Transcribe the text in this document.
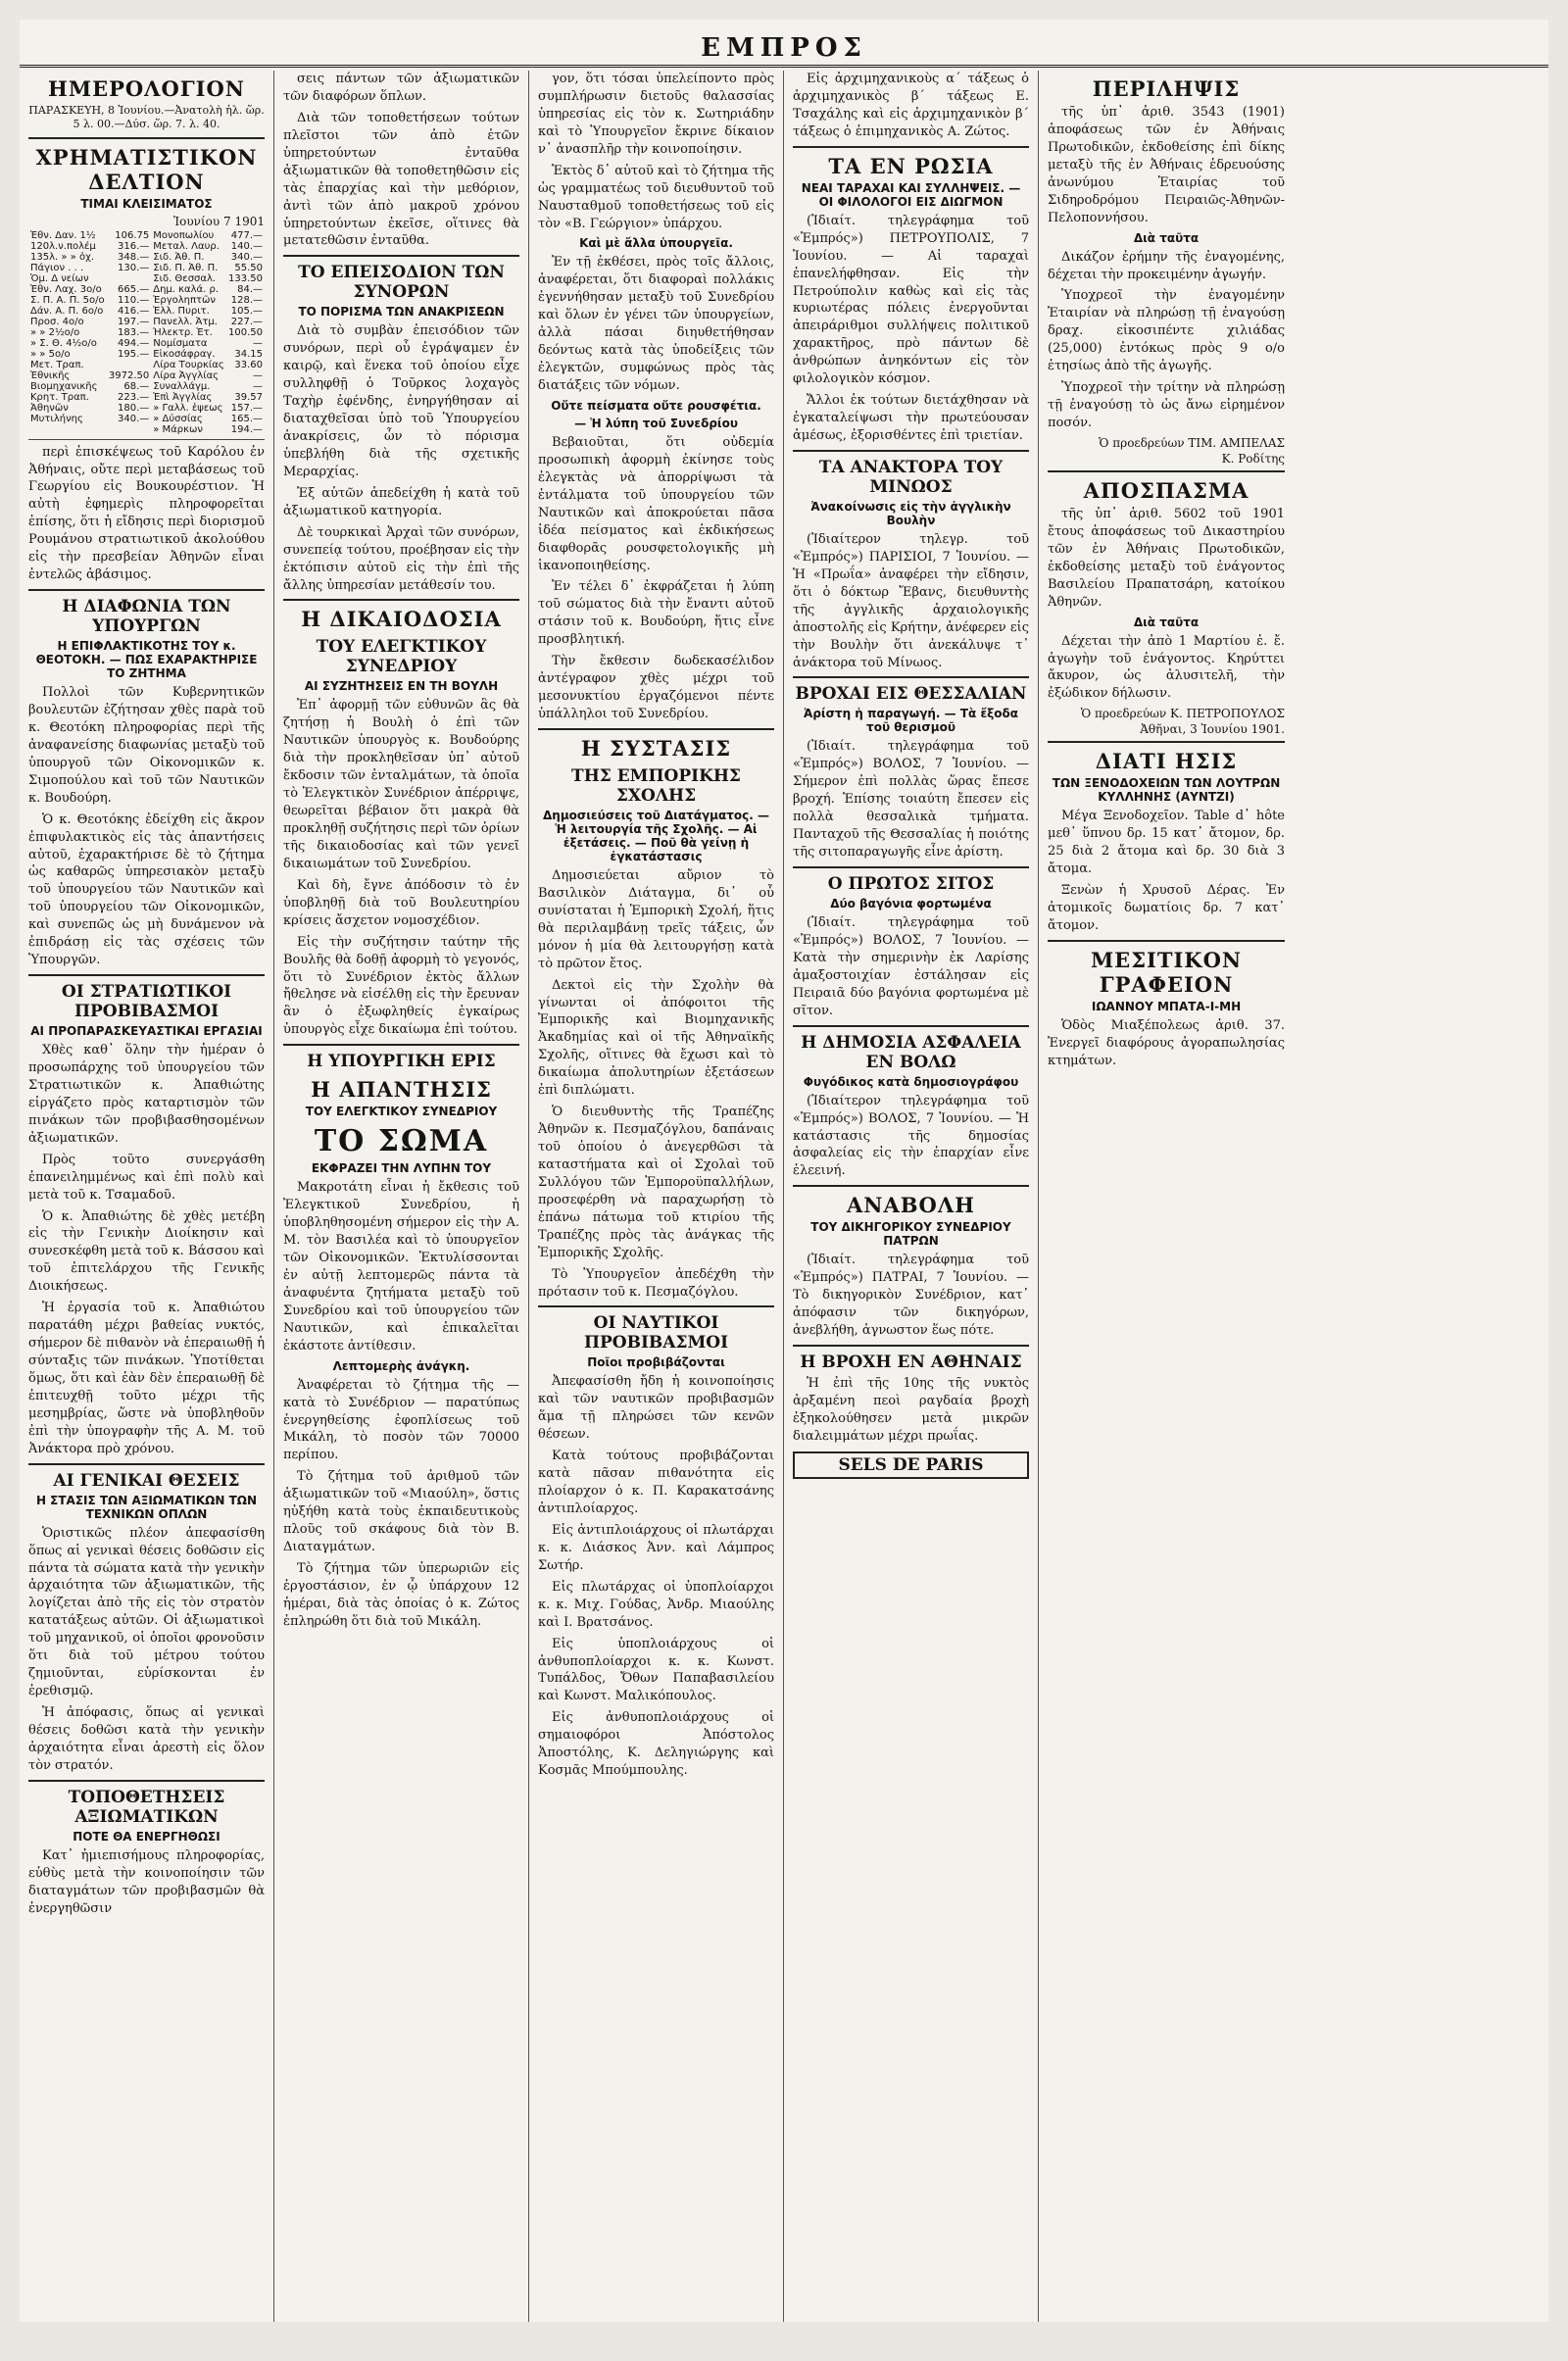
ΕΜΠΡΟΣ
ΗΜΕΡΟΛΟΓΙΟΝ
ΠΑΡΑΣΚΕΥΗ, 8 Ἰουνίου.—Ἀνατολὴ ἡλ. ὥρ. 5 λ. 00.—Δύσ. ὥρ. 7. λ. 40.
ΧΡΗΜΑΤΙΣΤΙΚΟΝ ΔΕΛΤΙΟΝ
ΤΙΜΑΙ ΚΛΕΙΣΙΜΑΤΟΣ
Ἰουνίου 7 1901
Ἐθν. Δαν. 1½	106.75	Μονοπωλίου	477.—
120λ.ν.πολέμ	316.—	Μεταλ. Λαυρ.	140.—
135λ. » » ὀχ.	348.—	Σιδ. Ἀθ. Π.	340.—
Πάγιον . . .	130.—	Σιδ. Π. Ἀθ. Π.	55.50
Ὁμ. Δ νείων		Σιδ. Θεσσαλ.	133.50
Ἐθν. Λαχ. 3ο/ο	665.—	Δημ. καλά. ρ.	84.—
Σ. Π. Α. Π. 5ο/ο	110.—	Ἐργοληπτῶν	128.—
Δάν. Α. Π. 6ο/ο	416.—	Ἐλλ. Πυριτ.	105.—
Προσ. 4ο/ο	197.—	Πανελλ. Ἀτμ.	227.—
» » 2½ο/ο	183.—	Ἠλεκτρ. Ἑτ.	100.50
» Σ. Θ. 4½ο/ο	494.—	Νομίσματα	—
» » 5ο/ο	195.—	Εἰκοσάφραγ.	34.15
Μετ. Τραπ.		Λίρα Τουρκίας	33.60
Ἐθνικῆς	3972.50	Λίρα Ἀγγλίας	—
Βιομηχανικῆς	68.—	Συναλλάγμ.	—
Κρητ. Τραπ.	223.—	Ἐπὶ Ἀγγλίας	39.57
Ἀθηνῶν	180.—	» Γαλλ. ἐψεως	157.—
Μυτιλήνης	340.—	» Δύσσίας	165.—
		» Μάρκων	194.—

περὶ ἐπισκέψεως τοῦ Καρόλου ἐν Ἀθήναις, οὔτε περὶ μεταβάσεως τοῦ Γεωργίου εἰς Βουκουρέστιον. Ἡ αὐτὴ ἐφημερὶς πληροφορεῖται ἐπίσης, ὅτι ἡ εἴδησις περὶ διορισμοῦ Ρουμάνου στρατιωτικοῦ ἀκολούθου εἰς τὴν πρεσβείαν Ἀθηνῶν εἶναι ἐντελῶς ἀβάσιμος.

Η ΔΙΑΦΩΝΙΑ ΤΩΝ ΥΠΟΥΡΓΩΝ
Η ΕΠΙΦΛΑΚΤΙΚΟΤΗΣ ΤΟΥ κ. ΘΕΟΤΟΚΗ. — ΠΩΣ ΕΧΑΡΑΚΤΗΡΙΣΕ ΤΟ ΖΗΤΗΜΑ

Πολλοὶ τῶν Κυβερνητικῶν βουλευτῶν ἐζήτησαν χθὲς παρὰ τοῦ κ. Θεοτόκη πληροφορίας περὶ τῆς ἀναφανείσης διαφωνίας μεταξὺ τοῦ ὑπουργοῦ τῶν Οἰκονομικῶν κ. Σιμοπούλου καὶ τοῦ τῶν Ναυτικῶν κ. Βουδούρη.

Ὁ κ. Θεοτόκης ἐδείχθη εἰς ἄκρον ἐπιφυλακτικὸς εἰς τὰς ἀπαντήσεις αὐτοῦ, ἐχαρακτήρισε δὲ τὸ ζήτημα ὡς καθαρῶς ὑπηρεσιακὸν μεταξὺ τοῦ ὑπουργείου τῶν Ναυτικῶν καὶ τοῦ ὑπουργείου τῶν Οἰκονομικῶν, καὶ συνεπῶς ὡς μὴ δυνάμενον νὰ ἐπιδράσῃ εἰς τὰς σχέσεις τῶν Ὑπουργῶν.

ΟΙ ΣΤΡΑΤΙΩΤΙΚΟΙ ΠΡΟΒΙΒΑΣΜΟΙ
ΑΙ ΠΡΟΠΑΡΑΣΚΕΥΑΣΤΙΚΑΙ ΕΡΓΑΣΙΑΙ

Χθὲς καθ᾽ ὅλην τὴν ἡμέραν ὁ προσωπάρχης τοῦ ὑπουργείου τῶν Στρατιωτικῶν κ. Ἀπαθιώτης εἰργάζετο πρὸς καταρτισμὸν τῶν πινάκων τῶν προβιβασθησομένων ἀξιωματικῶν.

Πρὸς τοῦτο συνεργάσθη ἐπανειλημμένως καὶ ἐπὶ πολὺ καὶ μετὰ τοῦ κ. Τσαμαδοῦ.

Ὁ κ. Ἀπαθιώτης δὲ χθὲς μετέβη εἰς τὴν Γενικὴν Διοίκησιν καὶ συνεσκέφθη μετὰ τοῦ κ. Βάσσου καὶ τοῦ ἐπιτελάρχου τῆς Γενικῆς Διοικήσεως.

Ἡ ἐργασία τοῦ κ. Ἀπαθιώτου παρατάθη μέχρι βαθείας νυκτός, σήμερον δὲ πιθανὸν νὰ ἐπεραιωθῇ ἡ σύνταξις τῶν πινάκων. Ὑποτίθεται ὅμως, ὅτι καὶ ἐὰν δὲν ἐπεραιωθῇ δὲ ἐπιτευχθῇ τοῦτο μέχρι τῆς μεσημβρίας, ὥστε νὰ ὑποβληθοῦν ἐπὶ τὴν ὑπογραφὴν τῆς Α. Μ. τοῦ Ἀνάκτορα πρὸ χρόνου.

ΑΙ ΓΕΝΙΚΑΙ ΘΕΣΕΙΣ
Η ΣΤΑΣΙΣ ΤΩΝ ΑΞΙΩΜΑΤΙΚΩΝ ΤΩΝ ΤΕΧΝΙΚΩΝ ΟΠΛΩΝ

Ὁριστικῶς πλέον ἀπεφασίσθη ὅπως αἱ γενικαὶ θέσεις δοθῶσιν εἰς πάντα τὰ σώματα κατὰ τὴν γενικὴν ἀρχαιότητα τῶν ἀξιωματικῶν, τῆς λογίζεται ἀπὸ τῆς εἰς τὸν στρατὸν κατατάξεως αὐτῶν. Οἱ ἀξιωματικοὶ τοῦ μηχανικοῦ, οἱ ὁποῖοι φρονοῦσιν ὅτι διὰ τοῦ μέτρου τούτου ζημιοῦνται, εὑρίσκονται ἐν ἐρεθισμῷ.

Ἡ ἀπόφασις, ὅπως αἱ γενικαὶ θέσεις δοθῶσι κατὰ τὴν γενικὴν ἀρχαιότητα εἶναι ἀρεστὴ εἰς ὅλον τὸν στρατόν.

ΤΟΠΟΘΕΤΗΣΕΙΣ ΑΞΙΩΜΑΤΙΚΩΝ
ΠΟΤΕ ΘΑ ΕΝΕΡΓΗΘΩΣΙ

Κατ᾽ ἡμιεπισήμους πληροφορίας, εὐθὺς μετὰ τὴν κοινοποίησιν τῶν διαταγμάτων τῶν προβιβασμῶν θὰ ἐνεργηθῶσιν

σεις πάντων τῶν ἀξιωματικῶν τῶν διαφόρων ὅπλων.

Διὰ τῶν τοποθετήσεων τούτων πλεῖστοι τῶν ἀπὸ ἐτῶν ὑπηρετούντων ἐνταῦθα ἀξιωματικῶν θὰ τοποθετηθῶσιν εἰς τὰς ἐπαρχίας καὶ τὴν μεθόριον, ἀντὶ τῶν ἀπὸ μακροῦ χρόνου ὑπηρετούντων ἐκεῖσε, οἵτινες θὰ μετατεθῶσιν ἐνταῦθα.

ΤΟ ΕΠΕΙΣΟΔΙΟΝ ΤΩΝ ΣΥΝΟΡΩΝ
ΤΟ ΠΟΡΙΣΜΑ ΤΩΝ ΑΝΑΚΡΙΣΕΩΝ

Διὰ τὸ συμβὰν ἐπεισόδιον τῶν συνόρων, περὶ οὗ ἐγράψαμεν ἐν καιρῷ, καὶ ἕνεκα τοῦ ὁποίου εἶχε συλληφθῇ ὁ Τοῦρκος λοχαγὸς Ταχὴρ ἐφένδης, ἐνηργήθησαν αἱ διαταχθεῖσαι ὑπὸ τοῦ Ὑπουργείου ἀνακρίσεις, ὧν τὸ πόρισμα ὑπεβλήθη διὰ τῆς σχετικῆς Μεραρχίας.

Ἐξ αὐτῶν ἀπεδείχθη ἡ κατὰ τοῦ ἀξιωματικοῦ κατηγορία.

Δὲ τουρκικαὶ Ἀρχαὶ τῶν συνόρων, συνεπείᾳ τούτου, προέβησαν εἰς τὴν ἐκτόπισιν αὐτοῦ εἰς τὴν ἐπὶ τῆς ἄλλης ὑπηρεσίαν μετάθεσίν του.

Η ΔΙΚΑΙΟΔΟΣΙΑ
ΤΟΥ ΕΛΕΓΚΤΙΚΟΥ ΣΥΝΕΔΡΙΟΥ
ΑΙ ΣΥΖΗΤΗΣΕΙΣ ΕΝ ΤΗ ΒΟΥΛΗ

Ἐπ᾽ ἀφορμῇ τῶν εὐθυνῶν ἃς θὰ ζητήσῃ ἡ Βουλὴ ὁ ἐπὶ τῶν Ναυτικῶν ὑπουργὸς κ. Βουδούρης διὰ τὴν προκληθεῖσαν ὑπ᾽ αὐτοῦ ἔκδοσιν τῶν ἐνταλμάτων, τὰ ὁποῖα τὸ Ἐλεγκτικὸν Συνέδριον ἀπέρριψε, θεωρεῖται βέβαιον ὅτι μακρὰ θὰ προκληθῇ συζήτησις περὶ τῶν ὁρίων τῆς δικαιοδοσίας καὶ τῶν γενεῖ δικαιωμάτων τοῦ Συνεδρίου.

Καὶ δὴ, ἔγνε ἀπόδοσιν τὸ ἐν ὑποβληθῇ διὰ τοῦ Βουλευτηρίου κρίσεις ἄσχετον νομοσχέδιον.

Εἰς τὴν συζήτησιν ταύτην τῆς Βουλῆς θὰ δοθῇ ἀφορμὴ τὸ γεγονός, ὅτι τὸ Συνέδριον ἐκτὸς ἄλλων ἤθελησε νὰ εἰσέλθῃ εἰς τὴν ἔρευναν ἂν ὁ ἐξωφληθείς ἐγκαίρως ὑπουργὸς εἶχε δικαίωμα ἐπὶ τούτου.

Η ΥΠΟΥΡΓΙΚΗ ΕΡΙΣ
Η ΑΠΑΝΤΗΣΙΣ
ΤΟΥ ΕΛΕΓΚΤΙΚΟΥ ΣΥΝΕΔΡΙΟΥ
ΤΟ ΣΩΜΑ
ΕΚΦΡΑΖΕΙ ΤΗΝ ΛΥΠΗΝ ΤΟΥ

Μακροτάτη εἶναι ἡ ἔκθεσις τοῦ Ἐλεγκτικοῦ Συνεδρίου, ἡ ὑποβληθησομένη σήμερον εἰς τὴν Α. Μ. τὸν Βασιλέα καὶ τὸ ὑπουργεῖον τῶν Οἰκονομικῶν. Ἐκτυλίσσονται ἐν αὐτῇ λεπτομερῶς πάντα τὰ ἀναφυέντα ζητήματα μεταξὺ τοῦ Συνεδρίου καὶ τοῦ ὑπουργείου τῶν Ναυτικῶν, καὶ ἐπικαλεῖται ἑκάστοτε ἀντίθεσιν.

Λεπτομερὴς ἀνάγκη.

Ἀναφέρεται τὸ ζήτημα τῆς — κατὰ τὸ Συνέδριον — παρατύπως ἐνεργηθείσης ἐφοπλίσεως τοῦ Μικάλη, τὸ ποσὸν τῶν 70000 περίπου.

Τὸ ζήτημα τοῦ ἀριθμοῦ τῶν ἀξιωματικῶν τοῦ «Μιαούλη», ὅστις ηὐξήθη κατὰ τοὺς ἐκπαιδευτικοὺς πλοῦς τοῦ σκάφους διὰ τὸν Β. Διαταγμάτων.

Τὸ ζήτημα τῶν ὑπερωριῶν εἰς ἐργοστάσιον, ἐν ᾧ ὑπάρχουν 12 ἡμέραι, διὰ τὰς ὁποίας ὁ κ. Ζώτος ἐπληρώθη ὅτι διὰ τοῦ Μικάλη.

γον, ὅτι τόσαι ὑπελείποντο πρὸς συμπλήρωσιν διετοῦς θαλασσίας ὑπηρεσίας εἰς τὸν κ. Σωτηριάδην καὶ τὸ Ὑπουργεῖον ἔκρινε δίκαιον ν᾽ ἀνασπλῆρ τὴν κοινοποίησιν.

Ἐκτὸς δ᾽ αὐτοῦ καὶ τὸ ζήτημα τῆς ὡς γραμματέως τοῦ διευθυντοῦ τοῦ Ναυσταθμοῦ τοποθετήσεως τοῦ εἰς τὸν «Β. Γεώργιον» ὑπάρχου.

Καὶ μὲ ἄλλα ὑπουργεῖα.

Ἐν τῇ ἐκθέσει, πρὸς τοῖς ἄλλοις, ἀναφέρεται, ὅτι διαφοραὶ πολλάκις ἐγεννήθησαν μεταξὺ τοῦ Συνεδρίου καὶ ὅλων ἐν γένει τῶν ὑπουργείων, ἀλλὰ πάσαι διηυθετήθησαν δεόντως κατὰ τὰς ὑποδείξεις τῶν ἐλεγκτῶν, συμφώνως πρὸς τὰς διατάξεις τῶν νόμων.

Οὔτε πείσματα οὔτε ρουσφέτια.
— Ἡ λύπη τοῦ Συνεδρίου

Βεβαιοῦται, ὅτι οὐδεμία προσωπικὴ ἀφορμὴ ἐκίνησε τοὺς ἐλεγκτὰς νὰ ἀπορρίψωσι τὰ ἐντάλματα τοῦ ὑπουργείου τῶν Ναυτικῶν καὶ ἀποκρούεται πᾶσα ἰδέα πείσματος καὶ ἐκδικήσεως διαφθορᾶς ρουσφετολογικῆς μὴ ἱκανοποιηθείσης.

Ἐν τέλει δ᾽ ἐκφράζεται ἡ λύπη τοῦ σώματος διὰ τὴν ἔναντι αὐτοῦ στάσιν τοῦ κ. Βουδούρη, ἥτις εἶνε προσβλητική.

Τὴν ἔκθεσιν δωδεκασέλιδον ἀντέγραφον χθὲς μέχρι τοῦ μεσονυκτίου ἐργαζόμενοι πέντε ὑπάλληλοι τοῦ Συνεδρίου.

Η ΣΥΣΤΑΣΙΣ
ΤΗΣ ΕΜΠΟΡΙΚΗΣ ΣΧΟΛΗΣ
Δημοσιεύσεις τοῦ Διατάγματος. — Ἡ λειτουργία τῆς Σχολῆς. — Αἱ ἐξετάσεις. — Ποῦ θὰ γείνῃ ἡ ἐγκατάστασις

Δημοσιεύεται αὔριον τὸ Βασιλικὸν Διάταγμα, δι᾽ οὗ συνίσταται ἡ Ἐμπορικὴ Σχολή, ἥτις θὰ περιλαμβάνῃ τρεῖς τάξεις, ὧν μόνον ἡ μία θὰ λειτουργήσῃ κατὰ τὸ πρῶτον ἔτος.

Δεκτοὶ εἰς τὴν Σχολὴν θὰ γίνωνται οἱ ἀπόφοιτοι τῆς Ἐμπορικῆς καὶ Βιομηχανικῆς Ἀκαδημίας καὶ οἱ τῆς Ἀθηναϊκῆς Σχολῆς, οἵτινες θὰ ἔχωσι καὶ τὸ δικαίωμα ἀπολυτηρίων ἐξετάσεων ἐπὶ διπλώματι.

Ὁ διευθυντὴς τῆς Τραπέζης Ἀθηνῶν κ. Πεσμαζόγλου, δαπάναις τοῦ ὁποίου ὁ ἀνεγερθῶσι τὰ καταστήματα καὶ οἱ Σχολαὶ τοῦ Συλλόγου τῶν Ἐμποροϋπαλλήλων, προσεφέρθη νὰ παραχωρήσῃ τὸ ἐπάνω πάτωμα τοῦ κτιρίου τῆς Τραπέζης πρὸς τὰς ἀνάγκας τῆς Ἐμπορικῆς Σχολῆς.

Τὸ Ὑπουργεῖον ἀπεδέχθη τὴν πρότασιν τοῦ κ. Πεσμαζόγλου.

ΟΙ ΝΑΥΤΙΚΟΙ ΠΡΟΒΙΒΑΣΜΟΙ
Ποῖοι προβιβάζονται

Ἀπεφασίσθη ἤδη ἡ κοινοποίησις καὶ τῶν ναυτικῶν προβιβασμῶν ἅμα τῇ πληρώσει τῶν κενῶν θέσεων.

Κατὰ τούτους προβιβάζονται κατὰ πᾶσαν πιθανότητα εἰς πλοίαρχον ὁ κ. Π. Καρακατσάνης ἀντιπλοίαρχος.

Εἰς ἀντιπλοιάρχους οἱ πλωτάρχαι κ. κ. Διάσκος Ἀνν. καὶ Λάμπρος Σωτήρ.

Εἰς πλωτάρχας οἱ ὑποπλοίαρχοι κ. κ. Μιχ. Γούδας, Ἀνδρ. Μιαούλης καὶ Ι. Βρατσάνος.

Εἰς ὑποπλοιάρχους οἱ ἀνθυποπλοίαρχοι κ. κ. Κωνστ. Τυπάλδος, Ὄθων Παπαβασιλείου καὶ Κωνστ. Μαλικόπουλος.

Εἰς ἀνθυποπλοιάρχους οἱ σημαιοφόροι Ἀπόστολος Ἀποστόλης, Κ. Δεληγιώργης καὶ Κοσμᾶς Μπούμπουλης.

Εἰς ἀρχιμηχανικοὺς α΄ τάξεως ὁ ἀρχιμηχανικὸς β΄ τάξεως Ε. Τσαχάλης καὶ εἰς ἀρχιμηχανικὸν β΄ τάξεως ὁ ἐπιμηχανικὸς Α. Ζώτος.

ΤΑ ΕΝ ΡΩΣΙΑ
ΝΕΑΙ ΤΑΡΑΧΑΙ ΚΑΙ ΣΥΛΛΗΨΕΙΣ. — ΟΙ ΦΙΛΟΛΟΓΟΙ ΕΙΣ ΔΙΩΓΜΟΝ

(Ἰδιαίτ. τηλεγράφημα τοῦ «Ἐμπρός») ΠΕΤΡΟΥΠΟΛΙΣ, 7 Ἰουνίου. — Αἱ ταραχαὶ ἐπανελήφθησαν. Εἰς τὴν Πετρούπολιν καθὼς καὶ εἰς τὰς κυριωτέρας πόλεις ἐνεργοῦνται ἀπειράριθμοι συλλήψεις πολιτικοῦ χαρακτῆρος, πρὸ πάντων δὲ ἀνθρώπων ἀνηκόντων εἰς τὸν φιλολογικὸν κόσμον.

Ἄλλοι ἐκ τούτων διετάχθησαν νὰ ἐγκαταλείψωσι τὴν πρωτεύουσαν ἀμέσως, ἐξορισθέντες ἐπὶ τριετίαν.

ΤΑ ΑΝΑΚΤΟΡΑ ΤΟΥ ΜΙΝΩΟΣ
Ἀνακοίνωσις εἰς τὴν ἀγγλικὴν Βουλὴν

(Ἰδιαίτερον τηλεγρ. τοῦ «Ἐμπρός») ΠΑΡΙΣΙΟΙ, 7 Ἰουνίου. — Ἡ «Πρωΐα» ἀναφέρει τὴν εἴδησιν, ὅτι ὁ δόκτωρ Ἔβανς, διευθυντὴς τῆς ἀγγλικῆς ἀρχαιολογικῆς ἀποστολῆς εἰς Κρήτην, ἀνέφερεν εἰς τὴν Βουλὴν ὅτι ἀνεκάλυψε τ᾽ ἀνάκτορα τοῦ Μίνωος.

ΒΡΟΧΑΙ ΕΙΣ ΘΕΣΣΑΛΙΑΝ
Ἀρίστη ἡ παραγωγή. — Τὰ ἔξοδα τοῦ θερισμοῦ

(Ἰδιαίτ. τηλεγράφημα τοῦ «Ἐμπρός») ΒΟΛΟΣ, 7 Ἰουνίου. — Σήμερον ἐπὶ πολλὰς ὥρας ἔπεσε βροχή. Ἐπίσης τοιαύτη ἔπεσεν εἰς πολλὰ θεσσαλικὰ τμήματα. Πανταχοῦ τῆς Θεσσαλίας ἡ ποιότης τῆς σιτοπαραγωγῆς εἶνε ἀρίστη.

Ο ΠΡΩΤΟΣ ΣΙΤΟΣ
Δύο βαγόνια φορτωμένα

(Ἰδιαίτ. τηλεγράφημα τοῦ «Ἐμπρός») ΒΟΛΟΣ, 7 Ἰουνίου. — Κατὰ τὴν σημερινὴν ἐκ Λαρίσης ἀμαξοστοιχίαν ἐστάλησαν εἰς Πειραιᾶ δύο βαγόνια φορτωμένα μὲ σῖτον.

Η ΔΗΜΟΣΙΑ ΑΣΦΑΛΕΙΑ ΕΝ ΒΟΛΩ
Φυγόδικος κατὰ δημοσιογράφου

(Ἰδιαίτερον τηλεγράφημα τοῦ «Ἐμπρός») ΒΟΛΟΣ, 7 Ἰουνίου. — Ἡ κατάστασις τῆς δημοσίας ἀσφαλείας εἰς τὴν ἐπαρχίαν εἶνε ἐλεεινή.

ΑΝΑΒΟΛΗ
ΤΟΥ ΔΙΚΗΓΟΡΙΚΟΥ ΣΥΝΕΔΡΙΟΥ ΠΑΤΡΩΝ

(Ἰδιαίτ. τηλεγράφημα τοῦ «Ἐμπρός») ΠΑΤΡΑΙ, 7 Ἰουνίου. — Τὸ δικηγορικὸν Συνέδριον, κατ᾽ ἀπόφασιν τῶν δικηγόρων, ἀνεβλήθη, ἀγνωστον ἕως πότε.

Η ΒΡΟΧΗ ΕΝ ΑΘΗΝΑΙΣ

Ἡ ἐπὶ τῆς 10ης τῆς νυκτὸς ἀρξαμένη πεοὶ ραγδαία βροχὴ ἐξηκολούθησεν μετὰ μικρῶν διαλειμμάτων μέχρι πρωΐας.

SELS DE PARIS
ΠΕΡΙΛΗΨΙΣ

τῆς ὑπ᾽ ἀριθ. 3543 (1901) ἀποφάσεως τῶν ἐν Ἀθήναις Πρωτοδικῶν, ἐκδοθείσης ἐπὶ δίκης μεταξὺ τῆς ἐν Ἀθήναις ἑδρευούσης ἀνωνύμου Ἑταιρίας τοῦ Σιδηροδρόμου Πειραιῶς-Ἀθηνῶν-Πελοποννήσου.

Διὰ ταῦτα

Δικάζον ἐρήμην τῆς ἐναγομένης, δέχεται τὴν προκειμένην ἀγωγήν.

Ὑποχρεοῖ τὴν ἐναγομένην Ἑταιρίαν νὰ πληρώσῃ τῇ ἐναγούσῃ δραχ. εἰκοσιπέντε χιλιάδας (25,000) ἐντόκως πρὸς 9 ο/ο ἐτησίως ἀπὸ τῆς ἀγωγῆς.

Ὑποχρεοῖ τὴν τρίτην νὰ πληρώσῃ τῇ ἐναγούσῃ τὸ ὡς ἄνω εἰρημένον ποσόν.

Ὁ προεδρεύων ΤΙΜ. ΑΜΠΕΛΑΣ
Κ. Ροδίτης
ΑΠΟΣΠΑΣΜΑ

τῆς ὑπ᾽ ἀριθ. 5602 τοῦ 1901 ἔτους ἀποφάσεως τοῦ Δικαστηρίου τῶν ἐν Ἀθήναις Πρωτοδικῶν, ἐκδοθείσης μεταξὺ τοῦ ἐνάγοντος Βασιλείου Πραπατσάρη, κατοίκου Ἀθηνῶν.

Διὰ ταῦτα

Δέχεται τὴν ἀπὸ 1 Μαρτίου ἐ. ἔ. ἀγωγὴν τοῦ ἐνάγοντος. Κηρύττει ἄκυρον, ὡς ἀλυσιτελῆ, τὴν ἐξώδικον δήλωσιν.

Ὁ προεδρεύων Κ. ΠΕΤΡΟΠΟΥΛΟΣ
Ἀθῆναι, 3 Ἰουνίου 1901.
ΔΙΑΤΙ ΗΣΙΣ
ΤΩΝ ΞΕΝΟΔΟΧΕΙΩΝ ΤΩΝ ΛΟΥΤΡΩΝ ΚΥΛΛΗΝΗΣ (ΑΥΝΤΖΙ)

Μέγα Ξενοδοχεῖον. Table d᾽ hôte μεθ᾽ ὕπνου δρ. 15 κατ᾽ ἄτομον, δρ. 25 διὰ 2 ἄτομα καὶ δρ. 30 διὰ 3 ἄτομα.

Ξενὼν ἡ Χρυσοῦ Δέρας. Ἐν ἀτομικοῖς δωματίοις δρ. 7 κατ᾽ ἄτομον.

ΜΕΣΙΤΙΚΟΝ ΓΡΑΦΕΙΟΝ
ΙΩΑΝΝΟΥ ΜΠΑΤΑ-Ι-ΜΗ

Ὁδὸς Μιαξέπολεως ἀριθ. 37. Ἐνεργεῖ διαφόρους ἀγοραπωλησίας κτημάτων.
